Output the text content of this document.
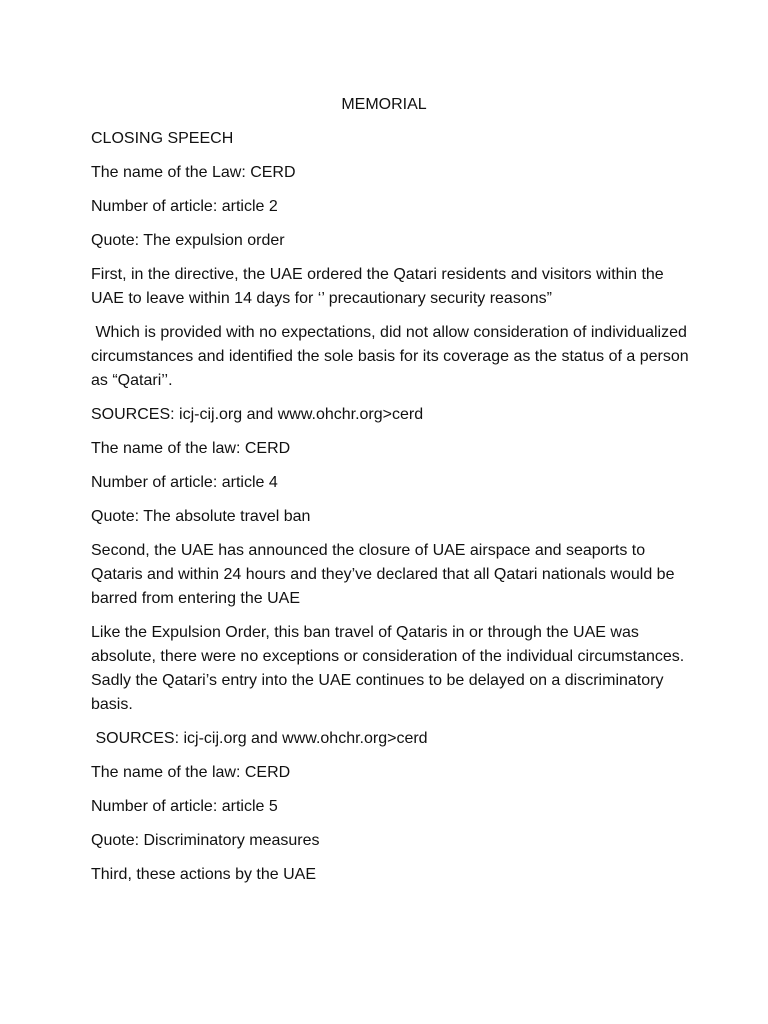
MEMORIAL

CLOSING SPEECH

The name of the Law: CERD

Number of article: article 2

Quote: The expulsion order

First, in the directive, the UAE ordered the Qatari residents and visitors within the UAE to leave within 14 days for ‘’ precautionary security reasons”

Which is provided with no expectations, did not allow consideration of individualized circumstances and identified the sole basis for its coverage as the status of a person as “Qatari’’.

SOURCES: icj-cij.org and www.ohchr.org>cerd

The name of the law: CERD

Number of article: article 4

Quote: The absolute travel ban

Second, the UAE has announced the closure of UAE airspace and seaports to Qataris and within 24 hours and they’ve declared that all Qatari nationals would be barred from entering the UAE

Like the Expulsion Order, this ban travel of Qataris in or through the UAE was absolute, there were no exceptions or consideration of the individual circumstances. Sadly the Qatari’s entry into the UAE continues to be delayed on a discriminatory basis.

SOURCES: icj-cij.org and www.ohchr.org>cerd

The name of the law: CERD

Number of article: article 5

Quote: Discriminatory measures

Third, these actions by the UAE
